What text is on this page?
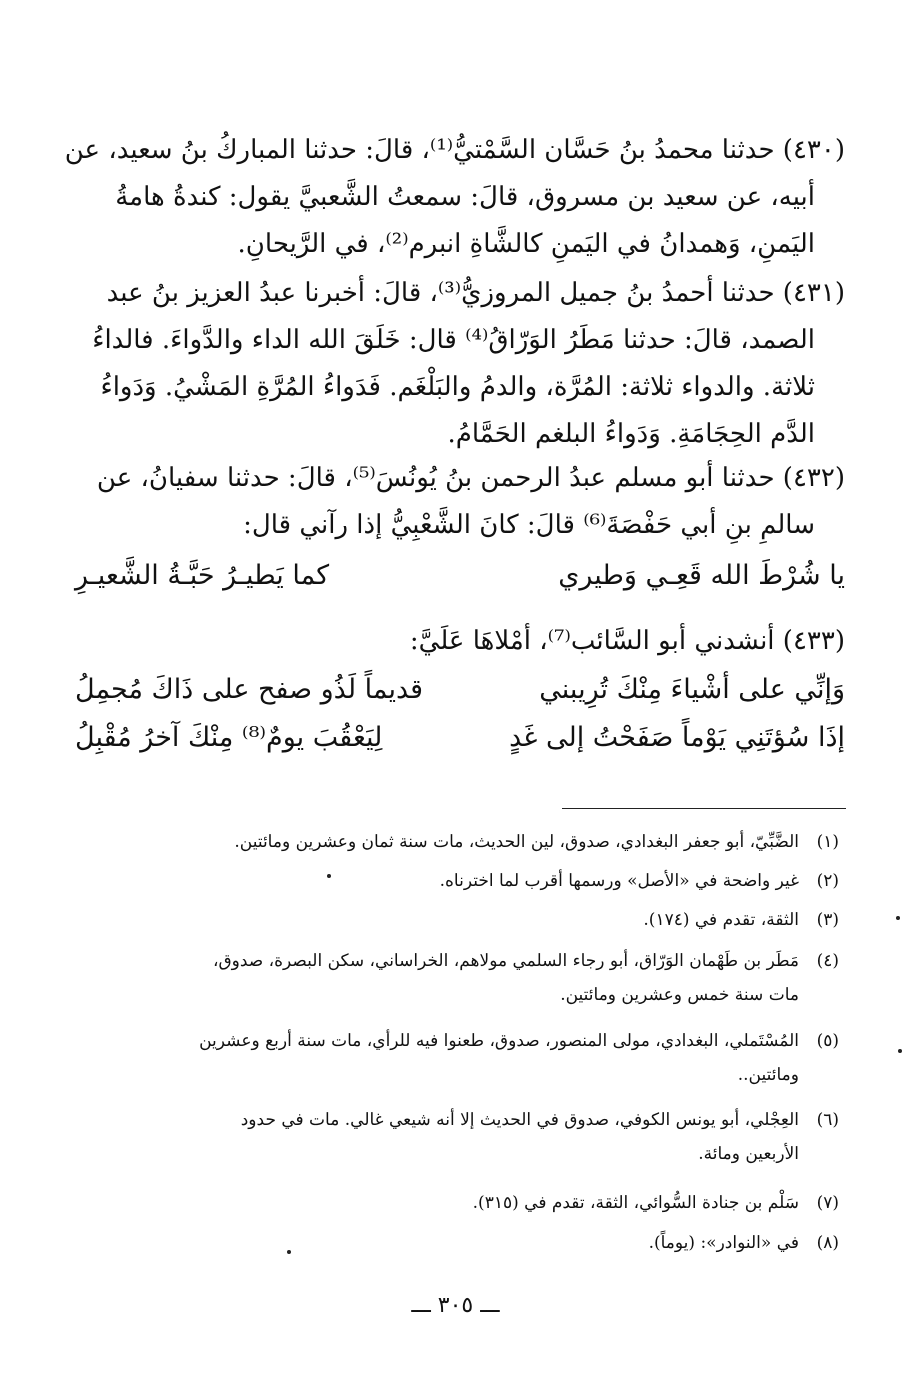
(٤٣٠) حدثنا محمدُ بنُ حَسَّان السَّمْتيُّ⁽¹⁾، قالَ: حدثنا المباركُ بنُ سعيد، عن
أبيه، عن سعيد بن مسروق، قالَ: سمعتُ الشَّعبيَّ يقول: كندةُ هامةُ
اليَمنِ، وَهمدانُ في اليَمنِ كالشَّاةِ انبرم⁽²⁾، في الرَّيحانِ.
(٤٣١) حدثنا أحمدُ بنُ جميل المروزيُّ⁽³⁾، قالَ: أخبرنا عبدُ العزيز بنُ عبد
الصمد، قالَ: حدثنا مَطَرُ الوَرّاقُ⁽⁴⁾ قال: خَلَقَ الله الداء والدَّواءَ. فالداءُ
ثلاثة. والدواء ثلاثة: المُرَّة، والدمُ والبَلْغَم. فَدَواءُ المُرَّةِ المَشْيُ. وَدَواءُ
الدَّم الحِجَامَةِ. وَدَواءُ البلغم الحَمَّامُ.
(٤٣٢) حدثنا أبو مسلم عبدُ الرحمن بنُ يُونُسَ⁽⁵⁾، قالَ: حدثنا سفيانُ، عن
سالمِ بنِ أبي حَفْصَةَ⁽⁶⁾ قالَ: كانَ الشَّعْبِيُّ إذا رآني قال:
يا شُرْطَ الله قَعِـي وَطيري
كما يَطيـرُ حَبَّـةُ الشَّعيـرِ
(٤٣٣) أنشدني أبو السَّائب⁽⁷⁾، أمْلاهَا عَلَيَّ:
وَإنِّي على أشْياءَ مِنْكَ تُرِيبني
قديماً لَذُو صفح على ذَاكَ مُجمِلُ
إذَا سُؤتَنِي يَوْماً صَفَحْتُ إلى غَدٍ
لِيَعْقُبَ يومٌ⁽⁸⁾ مِنْكَ آخرُ مُقْبِلُ
(١)
الضَّبِّيّ، أبو جعفر البغدادي، صدوق، لين الحديث، مات سنة ثمان وعشرين ومائتين.
(٢)
غير واضحة في «الأصل» ورسمها أقرب لما اخترناه.
(٣)
الثقة، تقدم في (١٧٤).
(٤)
مَطَر بن طَهْمان الوَرّاق، أبو رجاء السلمي مولاهم، الخراساني، سكن البصرة، صدوق،
مات سنة خمس وعشرين ومائتين.
(٥)
المُسْتَملي، البغدادي، مولى المنصور، صدوق، طعنوا فيه للرأي، مات سنة أربع وعشرين
ومائتين..
(٦)
العِجْلي، أبو يونس الكوفي، صدوق في الحديث إلا أنه شيعي غالي. مات في حدود
الأربعين ومائة.
(٧)
سَلْم بن جنادة السُّوائي، الثقة، تقدم في (٣١٥).
(٨)
في «النوادر»: (يوماً).
ـــ ٣٠٥ ـــ
